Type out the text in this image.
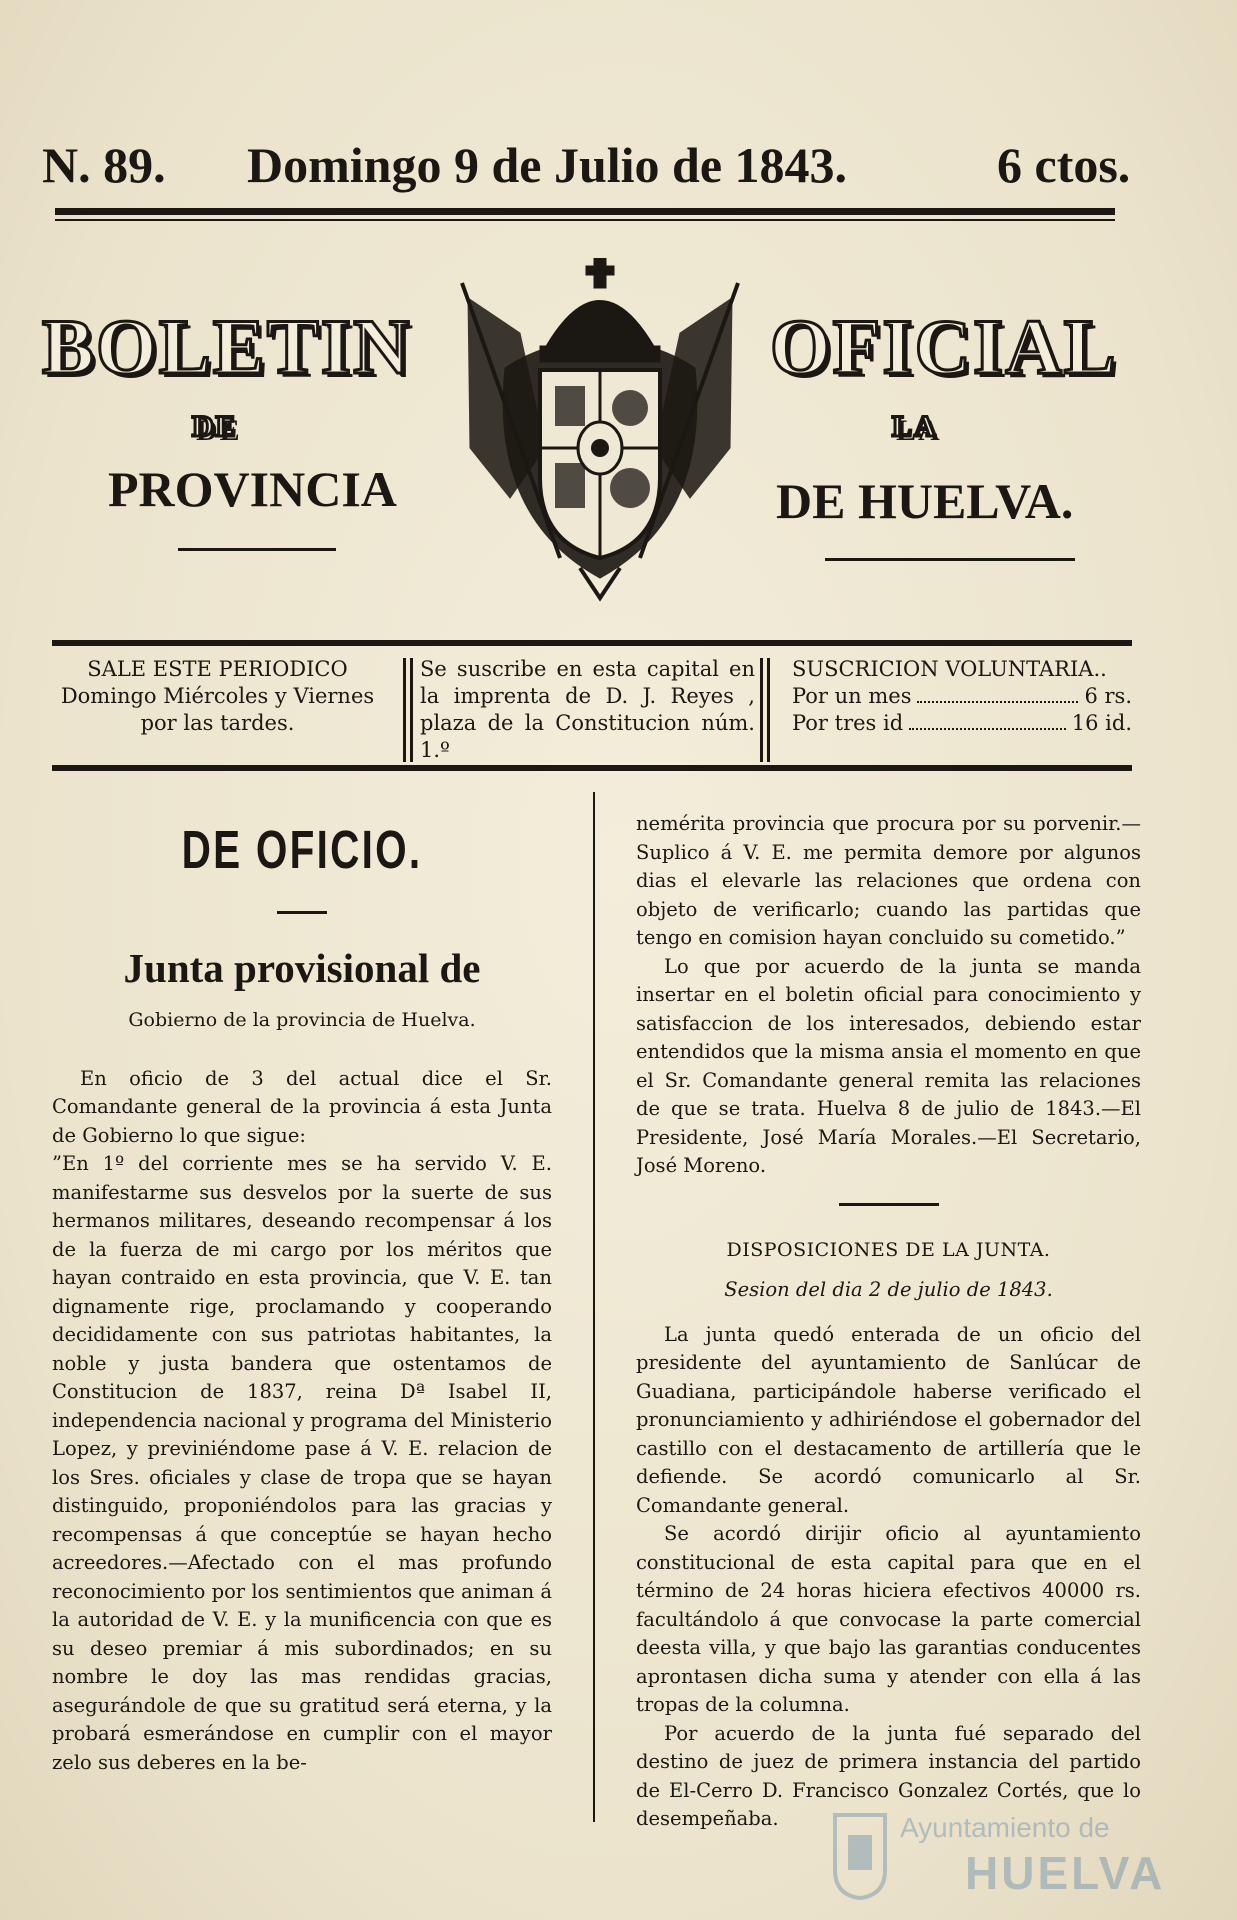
N. 89. Domingo 9 de Julio de 1843.	6 ctos.
BOLETIN	OFICIAL
DE	LA
PROVINCIA	DE HUELVA.
SALE ESTE PERIODICO
Domingo Miércoles y Viernes
por las tardes.
Se suscribe en esta capital en la imprenta de D. J. Reyes , plaza de la Constitucion núm. 1.º
SUSCRICION VOLUNTARIA..
Por un mes	6 rs.
Por tres id	16 id.
DE OFICIO.
Junta provisional de
Gobierno de la provincia de Huelva.

En oficio de 3 del actual dice el Sr. Comandante general de la provincia á esta Junta de Gobierno lo que sigue:

”En 1º del corriente mes se ha servido V. E. manifestarme sus desvelos por la suerte de sus hermanos militares, deseando recompensar á los de la fuerza de mi cargo por los méritos que hayan contraido en esta provincia, que V. E. tan dignamente rige, proclamando y cooperando decididamente con sus patriotas habitantes, la noble y justa bandera que ostentamos de Constitucion de 1837, reina Dª Isabel II, independencia nacional y programa del Ministerio Lopez, y previniéndome pase á V. E. relacion de los Sres. oficiales y clase de tropa que se hayan distinguido, proponiéndolos para las gracias y recompensas á que conceptúe se hayan hecho acreedores.—Afectado con el mas profundo reconocimiento por los sentimientos que animan á la autoridad de V. E. y la munificencia con que es su deseo premiar á mis subordinados; en su nombre le doy las mas rendidas gracias, asegurándole de que su gratitud será eterna, y la probará esmerándose en cumplir con el mayor zelo sus deberes en la be-

nemérita provincia que procura por su porvenir.—Suplico á V. E. me permita demore por algunos dias el elevarle las relaciones que ordena con objeto de verificarlo; cuando las partidas que tengo en comision hayan concluido su cometido.”

Lo que por acuerdo de la junta se manda insertar en el boletin oficial para conocimiento y satisfaccion de los interesados, debiendo estar entendidos que la misma ansia el momento en que el Sr. Comandante general remita las relaciones de que se trata. Huelva 8 de julio de 1843.—El Presidente, José María Morales.—El Secretario, José Moreno.

DISPOSICIONES DE LA JUNTA.
Sesion del dia 2 de julio de 1843.

La junta quedó enterada de un oficio del presidente del ayuntamiento de Sanlúcar de Guadiana, participándole haberse verificado el pronunciamiento y adhiriéndose el gobernador del castillo con el destacamento de artillería que le defiende. Se acordó comunicarlo al Sr. Comandante general.

Se acordó dirijir oficio al ayuntamiento constitucional de esta capital para que en el término de 24 horas hiciera efectivos 40000 rs. facultándolo á que convocase la parte comercial deesta villa, y que bajo las garantias conducentes aprontasen dicha suma y atender con ella á las tropas de la columna.

Por acuerdo de la junta fué separado del destino de juez de primera instancia del partido de El-Cerro D. Francisco Gonzalez Cortés, que lo desempeñaba.	Ayuntamiento de
HUELVA
